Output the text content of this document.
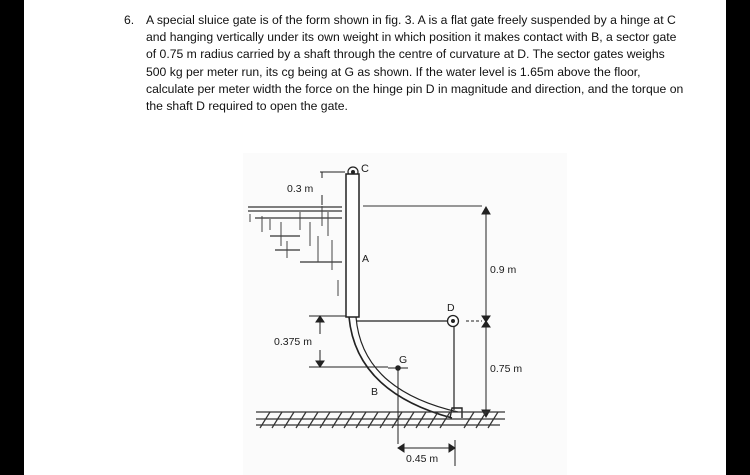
6. A special sluice gate is of the form shown in fig. 3. A is a flat gate freely suspended by a hinge at C and hanging vertically under its own weight in which position it makes contact with B, a sector gate of 0.75 m radius carried by a shaft through the centre of curvature at D. The sector gates weighs 500 kg per meter run, its cg being at G as shown. If the water level is 1.65m above the floor, calculate per meter width the force on the hinge pin D in magnitude and direction, and the torque on the shaft D required to open the gate.
C
A
0.3 m
B
D
G
0.9 m
0.75 m
0.375 m
0.45 m
